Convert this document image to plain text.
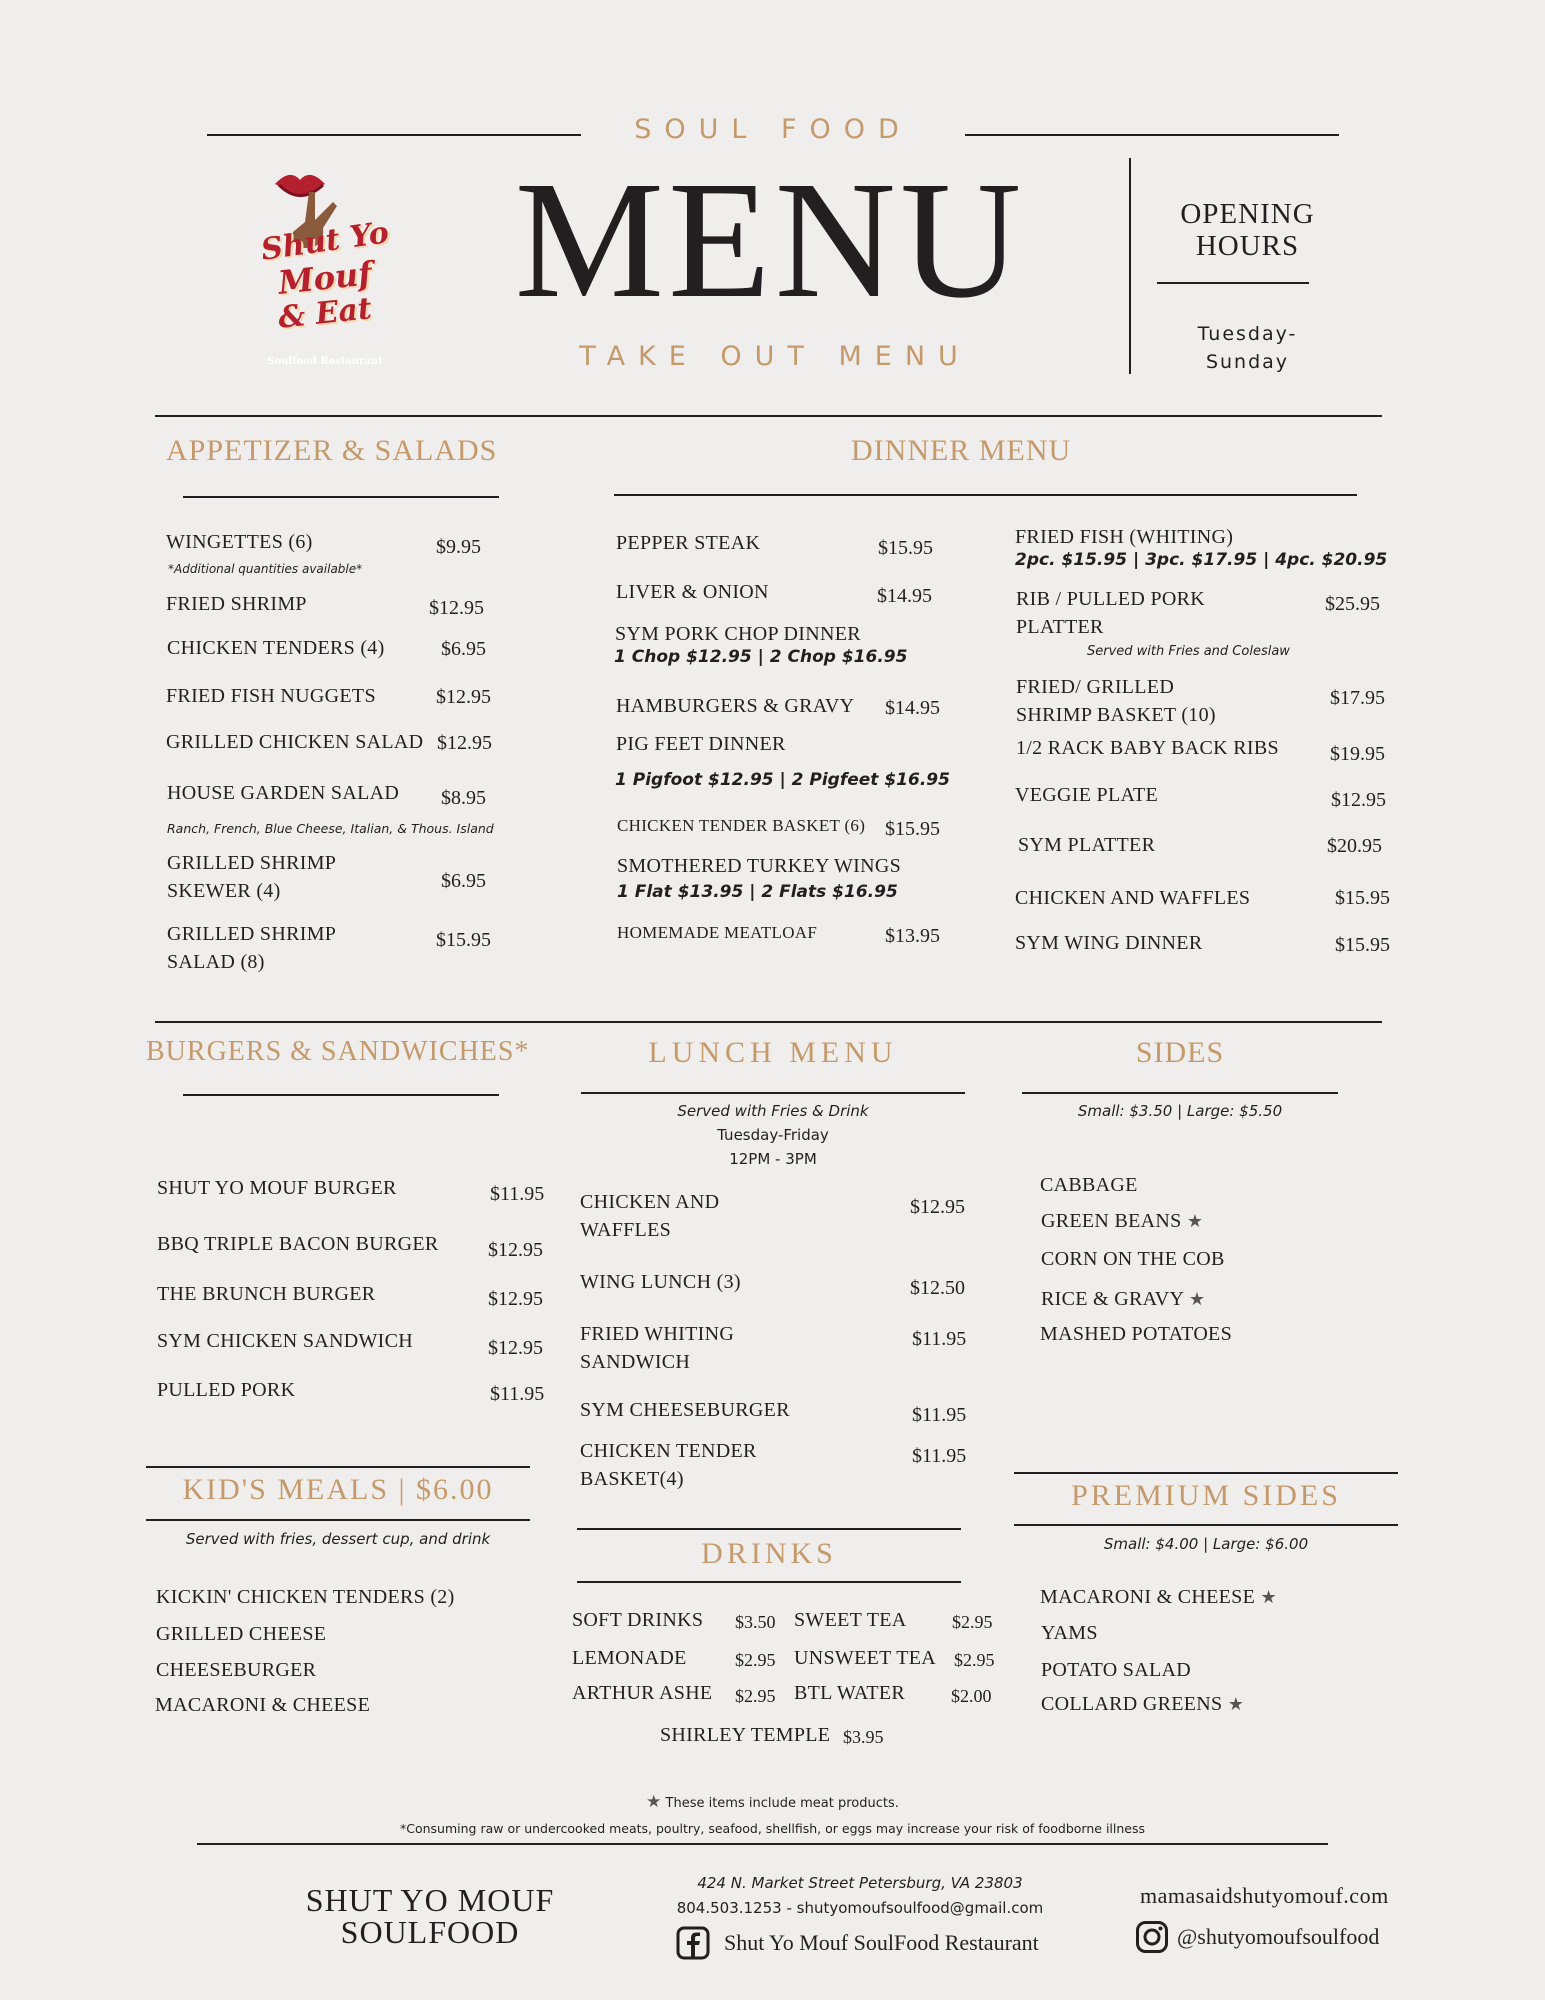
SOUL FOOD
MENU
TAKE OUT MENU
Shut Yo
Mouf
& Eat
Soulfood Restaurant
OPENING
HOURS
Tuesday-
Sunday
APPETIZER & SALADS
WINGETTES (6)	$9.95
*Additional quantities available*
FRIED SHRIMP	$12.95
CHICKEN TENDERS (4)	$6.95
FRIED FISH NUGGETS	$12.95
GRILLED CHICKEN SALAD $12.95
HOUSE GARDEN SALAD $8.95
Ranch, French, Blue Cheese, Italian, & Thous. Island
GRILLED SHRIMP
SKEWER (4)	$6.95
GRILLED SHRIMP
SALAD (8)
$15.95
DINNER MENU
PEPPER STEAK	$15.95
LIVER & ONION	$14.95
SYM PORK CHOP DINNER
1 Chop $12.95 | 2 Chop $16.95
HAMBURGERS & GRAVY $14.95
PIG FEET DINNER
1 Pigfoot $12.95 | 2 Pigfeet $16.95
CHICKEN TENDER BASKET (6) $15.95
SMOTHERED TURKEY WINGS
1 Flat $13.95 | 2 Flats $16.95
HOMEMADE MEATLOAF	$13.95
FRIED FISH (WHITING)
2pc. $15.95 | 3pc. $17.95 | 4pc. $20.95
RIB / PULLED PORK
PLATTER
$25.95
Served with Fries and Coleslaw
FRIED/ GRILLED
SHRIMP BASKET (10)
$17.95
1/2 RACK BABY BACK RIBS	$19.95
VEGGIE PLATE	$12.95
SYM PLATTER	$20.95
CHICKEN AND WAFFLES	$15.95
SYM WING DINNER	$15.95
BURGERS & SANDWICHES*
SHUT YO MOUF BURGER	$11.95
BBQ TRIPLE BACON BURGER $12.95
THE BRUNCH BURGER	$12.95
SYM CHICKEN SANDWICH	$12.95
PULLED PORK	$11.95
KID'S MEALS | $6.00
Served with fries, dessert cup, and drink
KICKIN' CHICKEN TENDERS (2)
GRILLED CHEESE
CHEESEBURGER
MACARONI & CHEESE
LUNCH MENU
Served with Fries & Drink
Tuesday-Friday
12PM - 3PM
CHICKEN AND
WAFFLES
$12.95
WING LUNCH (3)	$12.50
FRIED WHITING
SANDWICH
$11.95
SYM CHEESEBURGER	$11.95
CHICKEN TENDER
BASKET(4)
$11.95
DRINKS
SOFT DRINKS $3.50 SWEET TEA	$2.95
LEMONADE	$2.95 UNSWEET TEA $2.95
ARTHUR ASHE $2.95 BTL WATER	$2.00
SHIRLEY TEMPLE $3.95
SIDES
Small: $3.50 | Large: $5.50
CABBAGE
GREEN BEANS ★
CORN ON THE COB
RICE & GRAVY ★
MASHED POTATOES
PREMIUM SIDES
Small: $4.00 | Large: $6.00
MACARONI & CHEESE ★
YAMS
POTATO SALAD
COLLARD GREENS ★
★ These items include meat products.
*Consuming raw or undercooked meats, poultry, seafood, shellfish, or eggs may increase your risk of foodborne illness
SHUT YO MOUF
SOULFOOD
424 N. Market Street Petersburg, VA 23803
804.503.1253 - shutyomoufsoulfood@gmail.com
Shut Yo Mouf SoulFood Restaurant
mamasaidshutyomouf.com
@shutyomoufsoulfood
